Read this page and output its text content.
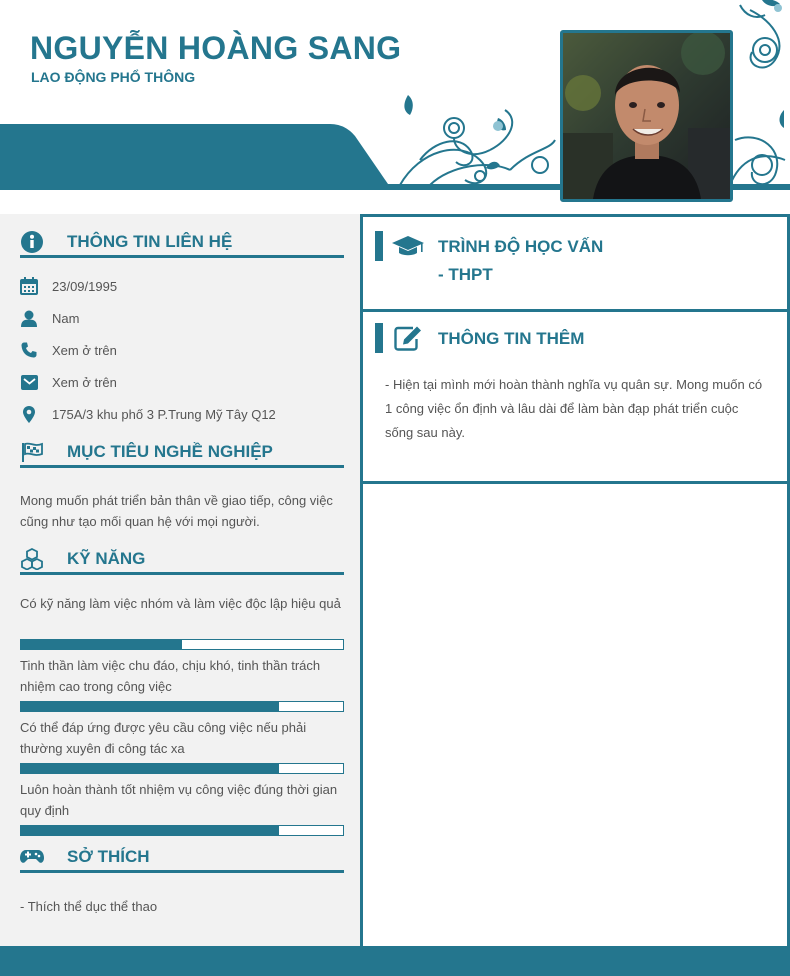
NGUYỄN HOÀNG SANG
LAO ĐỘNG PHỔ THÔNG
THÔNG TIN LIÊN HỆ
23/09/1995
Nam
Xem ở trên
Xem ở trên
175A/3 khu phố 3 P.Trung Mỹ Tây Q12
MỤC TIÊU NGHỀ NGHIỆP
Mong muốn phát triển bản thân về giao tiếp, công việc cũng như tạo mối quan hệ với mọi người.
KỸ NĂNG
Có kỹ năng làm việc nhóm và làm việc độc lập hiệu quả
Tinh thần làm việc chu đáo, chịu khó, tinh thần trách nhiệm cao trong công việc
Có thể đáp ứng được yêu cầu công việc nếu phải thường xuyên đi công tác xa
Luôn hoàn thành tốt nhiệm vụ công việc đúng thời gian quy định
SỞ THÍCH
- Thích thể dục thể thao
TRÌNH ĐỘ HỌC VẤN
- THPT
THÔNG TIN THÊM
- Hiện tại mình mới hoàn thành nghĩa vụ quân sự. Mong muốn có 1 công việc ổn định và lâu dài để làm bàn đạp phát triển cuộc sống sau này.
